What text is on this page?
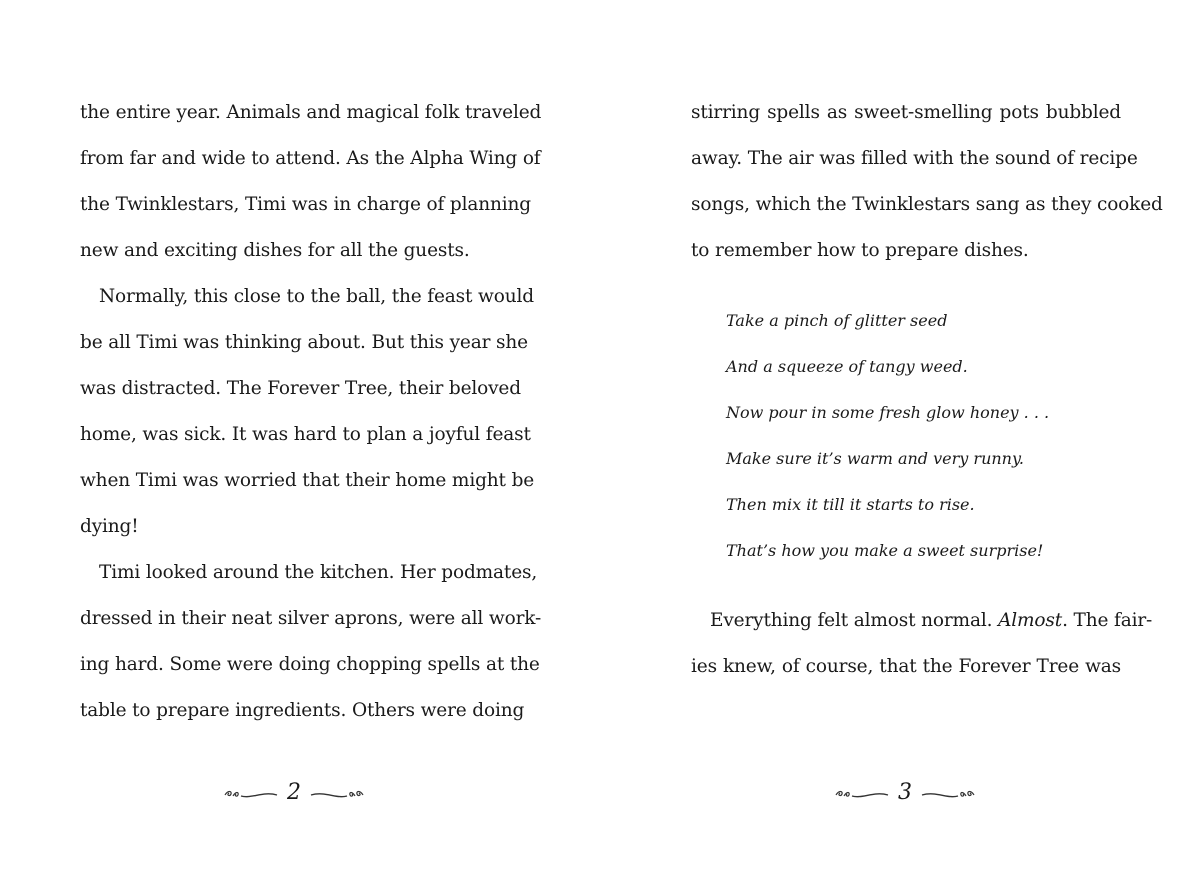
the entire year. Animals and magical folk traveled
from far and wide to attend. As the Alpha Wing of
the Twinklestars, Timi was in charge of planning
new and exciting dishes for all the guests.
Normally, this close to the ball, the feast would
be all Timi was thinking about. But this year she
was distracted. The Forever Tree, their beloved
home, was sick. It was hard to plan a joyful feast
when Timi was worried that their home might be
dying!
Timi looked around the kitchen. Her podmates,
dressed in their neat silver aprons, were all work-
ing hard. Some were doing chopping spells at the
table to prepare ingredients. Others were doing
stirring spells as sweet-smelling pots bubbled
away. The air was filled with the sound of recipe
songs, which the Twinklestars sang as they cooked
to remember how to prepare dishes.
Take a pinch of glitter seed
And a squeeze of tangy weed.
Now pour in some fresh glow honey . . .
Make sure it’s warm and very runny.
Then mix it till it starts to rise.
That’s how you make a sweet surprise!
Everything felt almost normal. Almost. The fair-
ies knew, of course, that the Forever Tree was
2	3
